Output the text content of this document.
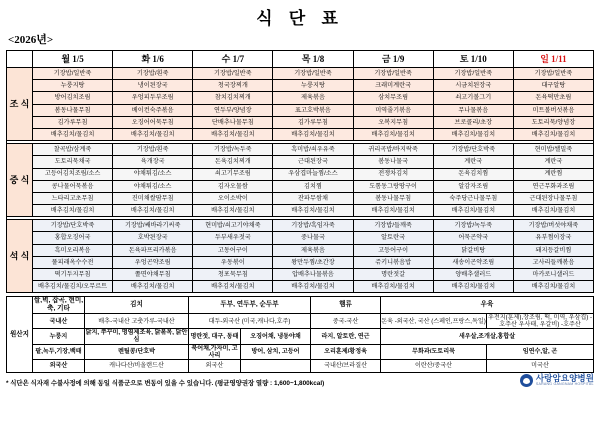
식 단 표
<2026년>
	월 1/5	화 1/6	수 1/7	목 1/8	금 1/9	토 1/10	일 1/11
조 식	기장밥/일반죽	기장밥/흰죽	기장밥/일반죽	기장밥/일반죽	기장밥/일반죽	기장밥/일반죽	기장밥/일반죽
	누룽지탕	냉이된장국	청국장찌개	누룽지탕	크래미계란국	시금치된장국	대구알탕
	방어김치조림	우엉피두부조림	참치김치찌개	제육볶음	삼치무조림	쇠고기볼그기	돈육떡만초림
	봄동나물무침	베이컨숙주볶음	연두부/양념장	표고호박볶음	미역줄기볶음	무나물볶음	미트볼버섯볶음
	김가루무침	오징어어묵무침	단배추나물무침	김가루무침	오복지무침	브로콜리/초장	도토리묵/양념장
	배추김치/물김치	배추김치/물김치	배추김치/물김치	배추김치/물김치	배추김치/물김치	배추김치/물김치	배추김치/물김치

중 식	찰곡밥/삼계죽	기장밥/흰죽	기장밥/녹두죽	흑미밥/쇠우유죽	귀리곡밥/바지락죽	기장밥/단호박죽	현미밥/쌜밀죽
	도토리묵채국	육개장국	돈육김치찌개	근대된장국	봄동나물국	계란국	계란국
	고등어김치조림/소스	야채튀김/소스	쇠고기무조림	우삼겹마늘찜/소스	전쟁차김치	돈육김치찜	계란찜
	콩나물어묵볶음	야채튀김/소스	김자오물쌈	김치찜	도톰동그랑땅구이	알감자조림	연근무화과조림
	느타리고초무침	진미채쌀땀무침	오이소박이	잔파무쌈채	봄동나물무침	숙주당근나물무침	근대된장나물무침
	배추김치/물김치	배추김치/물김치	배추김치/물김치	배추김치/물김치	배추김치/물김치	배추김치/물김치	배추김치/물김치

석 식	기장밥/단호박죽	기장밥/쌔바라기씨죽	현미밥/쇠고기야채죽	기장밥/흑임자죽	기장밥/들깨죽	기장밥/녹두죽	기장밥/버섯야채죽
	홍합오징어국	호박된장국	두부새우젓국	중나물국	알토란국	어묵곤약국	유부쩜이장국
	흑미오리복음	돈육파프리카볶음	고동어구이	제육볶음	고등어구이	닭갈비탕	돼지등갈비찜
	풀피래옥수수전	우엉곤약조림	우동볶이	왕만두찜/초간장	쥬키니볶음밥	새송이곤약조림	고사리들깨볶음
	떡기두지무침	쫄면야채무침	청포묵무침	압배추나물볶음	명란젓갈	양배추샐러드	마카로니샐러드
	배추김치/물김치/오무르트	배추김치/물김치	배추김치/물김치	배추김치/물김치	배추김치/물김치	배추김치/물김치	배추김치/물김치
원산지	쌀,벽, 잡곡, 현미, 축, 기타	김치	두부, 연두부, 순두부		햄류	우육	
	국내산	배추-국내산 고춧가루-국내산	대두-외국산 (미국,캐나다,호주)		중국-국산	돈육 -외국산, 국산 (스페인,프랑스,독일)	우전지(훈제),장조림, 떡, 미역, 우삼겹) - 호주산 우사태, 우갈비) -호주산
	누룽지	닭지, 쭈꾸미, 명염제조육, 닭볶목, 닭안심	명란젓, 대구, 동태	오징어채, 냉동야채	라지, 알토란, 연근	새우살,조개살,홍합살	
	팥,녹두,기장,백태	렌틸콩/단호박	북어채,가자미, 고사리	방어, 삼치, 고등어	오리훈제/황정육	무화과/도토리묵	임연수,알, 곤
	외국산	캐나다산/비올랜드산	외국산		국내산/브라질산	이란산/중국산	미국산
* 식단은 식자재 수불사정에 의해 동일 식품군으로 변동이 있을 수 있습니다. (평균영양권장 열량 : 1,600~1,800kcal)
사랑암요양병원
SARANG GANGNAM HOSPITAL
